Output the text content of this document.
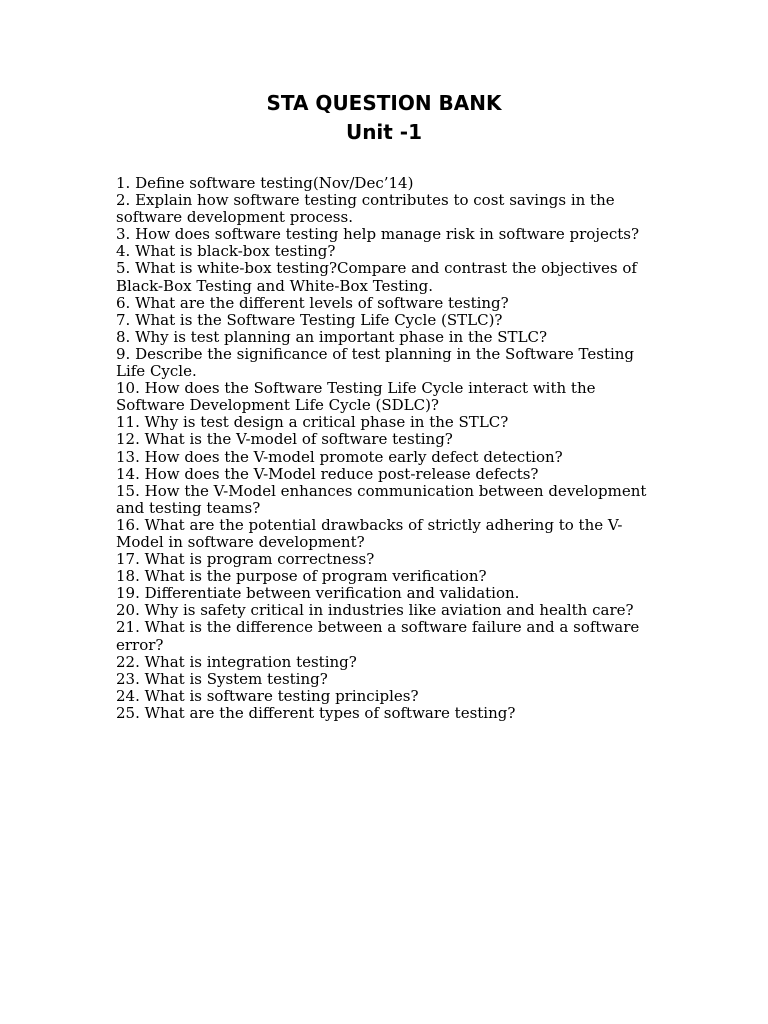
STA QUESTION BANK
Unit -1
1. Define software testing(Nov/Dec’14)
2. Explain how software testing contributes to cost savings in the software development process.
3. How does software testing help manage risk in software projects?
4. What is black-box testing?
5. What is white-box testing?Compare and contrast the objectives of Black-Box Testing and White-Box Testing.
6. What are the different levels of software testing?
7. What is the Software Testing Life Cycle (STLC)?
8. Why is test planning an important phase in the STLC?
9. Describe the significance of test planning in the Software Testing Life Cycle.
10. How does the Software Testing Life Cycle interact with the Software Development Life Cycle (SDLC)?
11. Why is test design a critical phase in the STLC?
12. What is the V-model of software testing?
13. How does the V-model promote early defect detection?
14. How does the V-Model reduce post-release defects?
15. How the V-Model enhances communication between development and testing teams?
16. What are the potential drawbacks of strictly adhering to the V-Model in software development?
17. What is program correctness?
18. What is the purpose of program verification?
19. Differentiate between verification and validation.
20. Why is safety critical in industries like aviation and health care?
21. What is the difference between a software failure and a software error?
22. What is integration testing?
23. What is System testing?
24. What is software testing principles?
25. What are the different types of software testing?
